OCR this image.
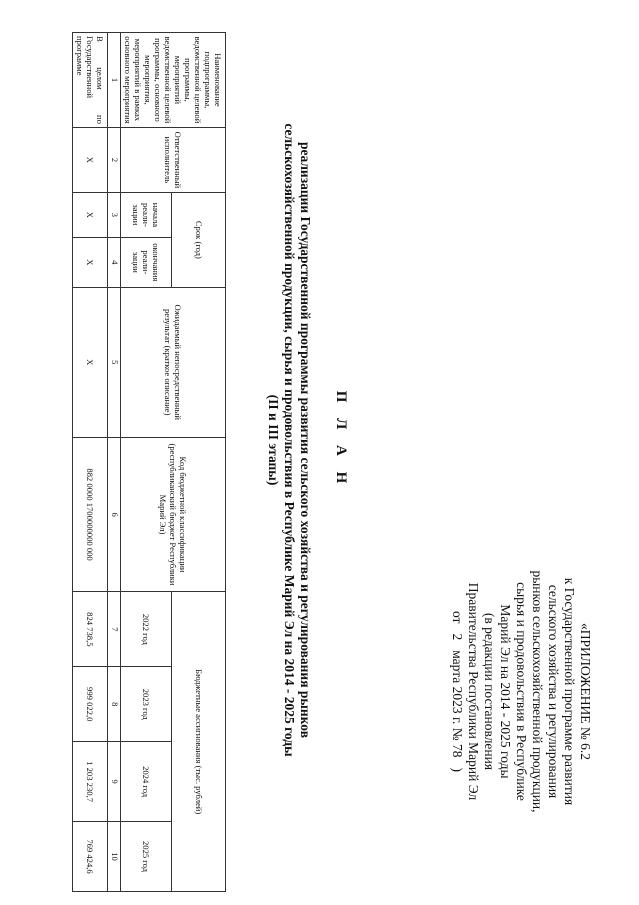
«ПРИЛОЖЕНИЕ № 6.2
к Государственной программе развития
сельского хозяйства и регулирования
рынков сельскохозяйственной продукции,
сырья и продовольствия в Республике
Марий Эл на 2014 - 2025 годы
(в редакции постановления
Правительства Республики Марий Эл
от
2
марта 2023 г. № 78
)
П Л А Н
реализации Государственной программы развития сельского хозяйства и регулирования рынков
сельскохозяйственной продукции, сырья и продовольствия в Республике Марий Эл на 2014 - 2025 годы
(II и III этапы)
Наименование подпрограммы, ведомственной целевой программы, мероприятий ведомственной целевой программы, основного мероприятия, мероприятий в рамках основного мероприятия	Ответственный исполнитель	Срок (год)		Ожидаемый непосредственный результат (краткое описание)	Код бюджетной классификации (республиканский бюджет Республики Марий Эл)	Бюджетные ассигнования (тыс. рублей)			
		начала реали-зации	окончания реали-зации			2022 год	2023 год	2024 год	2025 год
1	2	3	4	5	6	7	8	9	10
В целом по Государственной программе	X	X	X	X	882 0000 1700000000 000	824 738,5	999 022,0	1 203 230,7	769 424,6
